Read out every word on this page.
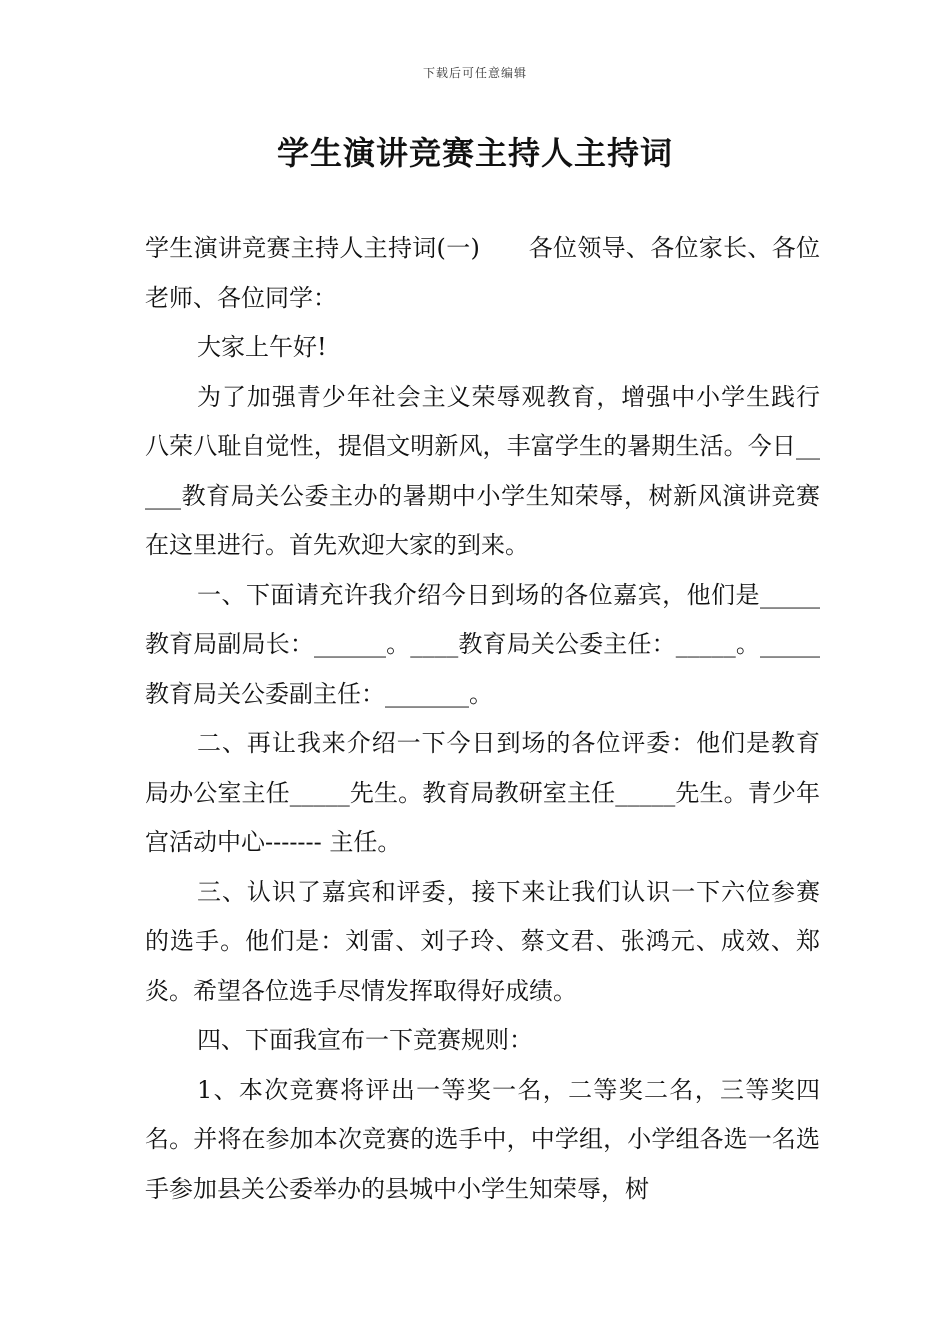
下载后可任意编辑
学生演讲竞赛主持人主持词

学生演讲竞赛主持人主持词(一)　　各位领导、各位家长、各位老师、各位同学：

大家上午好!

为了加强青少年社会主义荣辱观教育，增强中小学生践行八荣八耻自觉性，提倡文明新风，丰富学生的暑期生活。今日_____教育局关公委主办的暑期中小学生知荣辱，树新风演讲竞赛在这里进行。首先欢迎大家的到来。

一、下面请充许我介绍今日到场的各位嘉宾，他们是_____教育局副局长：______。____教育局关公委主任：_____。_____教育局关公委副主任：_______。

二、再让我来介绍一下今日到场的各位评委：他们是教育局办公室主任_____先生。教育局教研室主任_____先生。青少年宫活动中心------- 主任。

三、认识了嘉宾和评委，接下来让我们认识一下六位参赛的选手。他们是：刘雷、刘子玲、蔡文君、张鸿元、成效、郑炎。希望各位选手尽情发挥取得好成绩。

四、下面我宣布一下竞赛规则：

1、本次竞赛将评出一等奖一名，二等奖二名，三等奖四名。并将在参加本次竞赛的选手中，中学组，小学组各选一名选手参加县关公委举办的县城中小学生知荣辱，树
